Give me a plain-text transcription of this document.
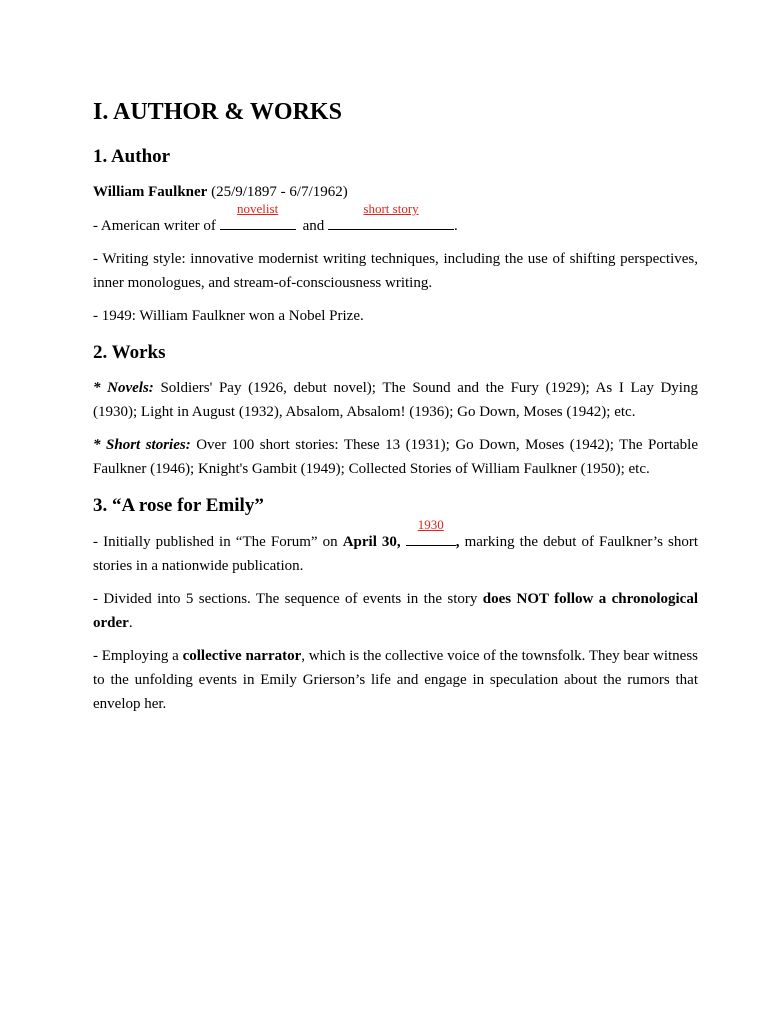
I. AUTHOR & WORKS
1. Author

William Faulkner (25/9/1897 - 6/7/1962)

- American writer of
novelist
and
short story
.

- Writing style: innovative modernist writing techniques, including the use of shifting perspectives, inner monologues, and stream-of-consciousness writing.

- 1949: William Faulkner won a Nobel Prize.

2. Works

* Novels: Soldiers' Pay (1926, debut novel); The Sound and the Fury (1929); As I Lay Dying (1930); Light in August (1932), Absalom, Absalom! (1936); Go Down, Moses (1942); etc.

* Short stories: Over 100 short stories: These 13 (1931); Go Down, Moses (1942); The Portable Faulkner (1946); Knight's Gambit (1949); Collected Stories of William Faulkner (1950); etc.

3. “A rose for Emily”

- Initially published in “The Forum” on April 30,
1930
, marking the debut of Faulkner’s short stories in a nationwide publication.

- Divided into 5 sections. The sequence of events in the story does NOT follow a chronological order.

- Employing a collective narrator, which is the collective voice of the townsfolk. They bear witness to the unfolding events in Emily Grierson’s life and engage in speculation about the rumors that envelop her.
